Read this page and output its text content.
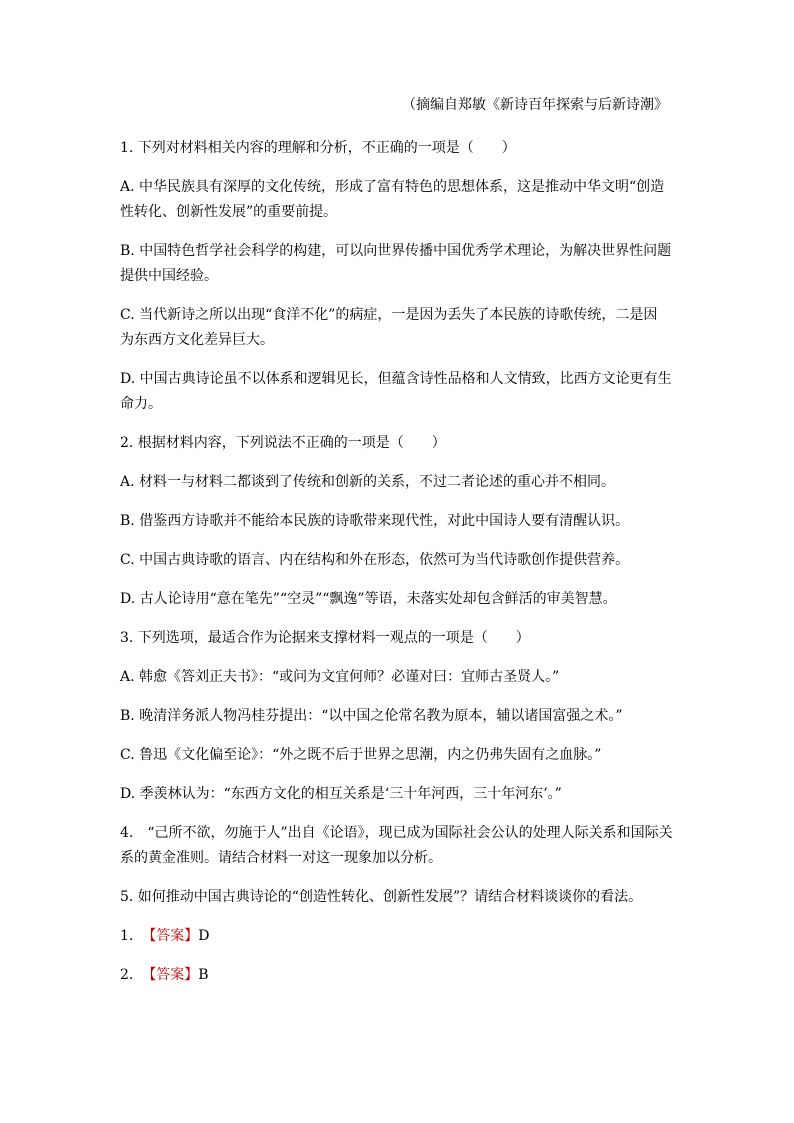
（摘编自郑敏《新诗百年探索与后新诗潮》

1. 下列对材料相关内容的理解和分析，不正确的一项是（　　）

A. 中华民族具有深厚的文化传统，形成了富有特色的思想体系，这是推动中华文明“创造

性转化、创新性发展”的重要前提。

B. 中国特色哲学社会科学的构建，可以向世界传播中国优秀学术理论，为解决世界性问题

提供中国经验。

C. 当代新诗之所以出现“食洋不化”的病症，一是因为丢失了本民族的诗歌传统，二是因

为东西方文化差异巨大。

D. 中国古典诗论虽不以体系和逻辑见长，但蕴含诗性品格和人文情致，比西方文论更有生

命力。

2. 根据材料内容，下列说法不正确的一项是（　　）

A. 材料一与材料二都谈到了传统和创新的关系，不过二者论述的重心并不相同。

B. 借鉴西方诗歌并不能给本民族的诗歌带来现代性，对此中国诗人要有清醒认识。

C. 中国古典诗歌的语言、内在结构和外在形态，依然可为当代诗歌创作提供营养。

D. 古人论诗用“意在笔先”“空灵”“飘逸”等语，未落实处却包含鲜活的审美智慧。

3. 下列选项，最适合作为论据来支撑材料一观点的一项是（　　）

A. 韩愈《答刘正夫书》：“或问为文宜何师？必谨对曰：宜师古圣贤人。”

B. 晚清洋务派人物冯桂芬提出：“以中国之伦常名教为原本，辅以诸国富强之术。”

C. 鲁迅《文化偏至论》：“外之既不后于世界之思潮，内之仍弗失固有之血脉。”

D. 季羡林认为：“东西方文化的相互关系是‘三十年河西，三十年河东’。”

4.　“己所不欲，勿施于人”出自《论语》，现已成为国际社会公认的处理人际关系和国际关

系的黄金准则。请结合材料一对这一现象加以分析。

5. 如何推动中国古典诗论的“创造性转化、创新性发展”？请结合材料谈谈你的看法。

1. 【答案】D

2. 【答案】B
